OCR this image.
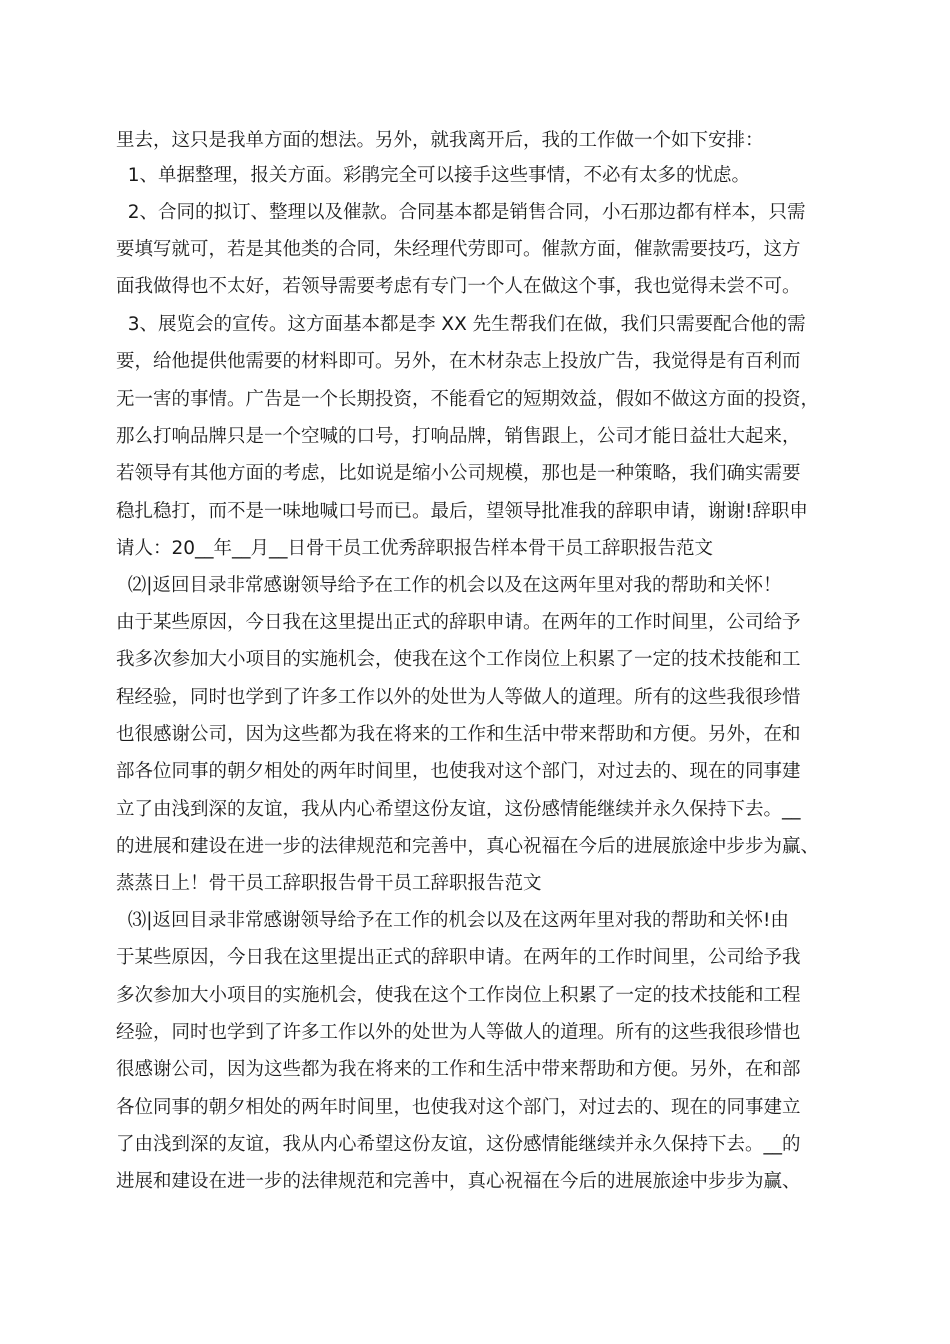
里去，这只是我单方面的想法。另外，就我离开后，我的工作做一个如下安排：
1、单据整理，报关方面。彩鹃完全可以接手这些事情，不必有太多的忧虑。
2、合同的拟订、整理以及催款。合同基本都是销售合同，小石那边都有样本，只需
要填写就可，若是其他类的合同，朱经理代劳即可。催款方面，催款需要技巧，这方
面我做得也不太好，若领导需要考虑有专门一个人在做这个事，我也觉得未尝不可。
3、展览会的宣传。这方面基本都是李 XX 先生帮我们在做，我们只需要配合他的需
要，给他提供他需要的材料即可。另外，在木材杂志上投放广告，我觉得是有百利而
无一害的事情。广告是一个长期投资，不能看它的短期效益，假如不做这方面的投资，
那么打响品牌只是一个空喊的口号，打响品牌，销售跟上，公司才能日益壮大起来，
若领导有其他方面的考虑，比如说是缩小公司规模，那也是一种策略，我们确实需要
稳扎稳打，而不是一味地喊口号而已。最后，望领导批准我的辞职申请，谢谢!辞职申
请人：20__年__月__日骨干员工优秀辞职报告样本骨干员工辞职报告范文
⑵|返回目录非常感谢领导给予在工作的机会以及在这两年里对我的帮助和关怀！
由于某些原因，今日我在这里提出正式的辞职申请。在两年的工作时间里，公司给予
我多次参加大小项目的实施机会，使我在这个工作岗位上积累了一定的技术技能和工
程经验，同时也学到了许多工作以外的处世为人等做人的道理。所有的这些我很珍惜
也很感谢公司，因为这些都为我在将来的工作和生活中带来帮助和方便。另外，在和
部各位同事的朝夕相处的两年时间里，也使我对这个部门，对过去的、现在的同事建
立了由浅到深的友谊，我从内心希望这份友谊，这份感情能继续并永久保持下去。__
的进展和建设在进一步的法律规范和完善中，真心祝福在今后的进展旅途中步步为赢、
蒸蒸日上！骨干员工辞职报告骨干员工辞职报告范文
⑶|返回目录非常感谢领导给予在工作的机会以及在这两年里对我的帮助和关怀!由
于某些原因，今日我在这里提出正式的辞职申请。在两年的工作时间里，公司给予我
多次参加大小项目的实施机会，使我在这个工作岗位上积累了一定的技术技能和工程
经验，同时也学到了许多工作以外的处世为人等做人的道理。所有的这些我很珍惜也
很感谢公司，因为这些都为我在将来的工作和生活中带来帮助和方便。另外，在和部
各位同事的朝夕相处的两年时间里，也使我对这个部门，对过去的、现在的同事建立
了由浅到深的友谊，我从内心希望这份友谊，这份感情能继续并永久保持下去。__的
进展和建设在进一步的法律规范和完善中，真心祝福在今后的进展旅途中步步为赢、
